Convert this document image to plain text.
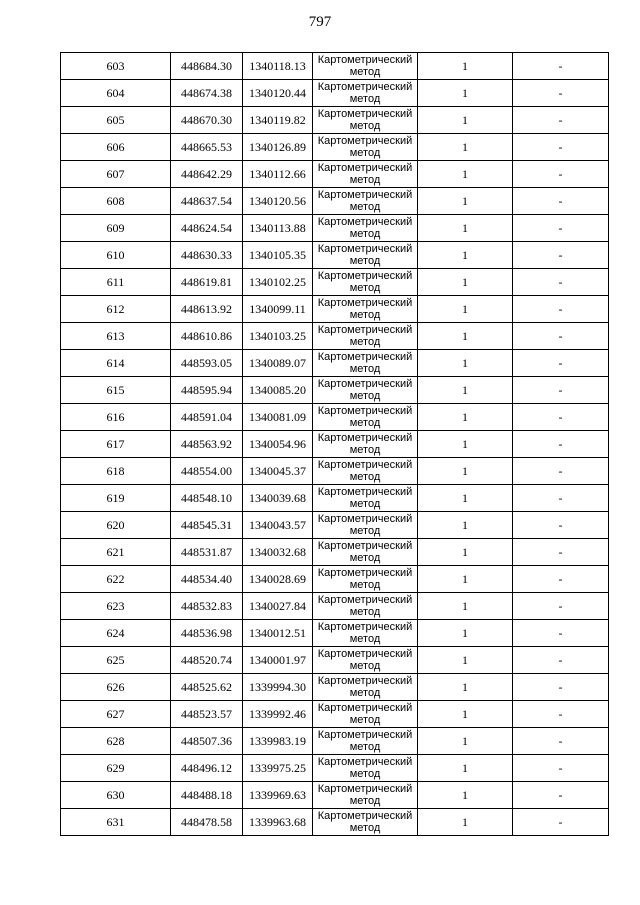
797
603	448684.30	1340118.13	Картометрический
метод	1	-
604	448674.38	1340120.44	Картометрический
метод	1	-
605	448670.30	1340119.82	Картометрический
метод	1	-
606	448665.53	1340126.89	Картометрический
метод	1	-
607	448642.29	1340112.66	Картометрический
метод	1	-
608	448637.54	1340120.56	Картометрический
метод	1	-
609	448624.54	1340113.88	Картометрический
метод	1	-
610	448630.33	1340105.35	Картометрический
метод	1	-
611	448619.81	1340102.25	Картометрический
метод	1	-
612	448613.92	1340099.11	Картометрический
метод	1	-
613	448610.86	1340103.25	Картометрический
метод	1	-
614	448593.05	1340089.07	Картометрический
метод	1	-
615	448595.94	1340085.20	Картометрический
метод	1	-
616	448591.04	1340081.09	Картометрический
метод	1	-
617	448563.92	1340054.96	Картометрический
метод	1	-
618	448554.00	1340045.37	Картометрический
метод	1	-
619	448548.10	1340039.68	Картометрический
метод	1	-
620	448545.31	1340043.57	Картометрический
метод	1	-
621	448531.87	1340032.68	Картометрический
метод	1	-
622	448534.40	1340028.69	Картометрический
метод	1	-
623	448532.83	1340027.84	Картометрический
метод	1	-
624	448536.98	1340012.51	Картометрический
метод	1	-
625	448520.74	1340001.97	Картометрический
метод	1	-
626	448525.62	1339994.30	Картометрический
метод	1	-
627	448523.57	1339992.46	Картометрический
метод	1	-
628	448507.36	1339983.19	Картометрический
метод	1	-
629	448496.12	1339975.25	Картометрический
метод	1	-
630	448488.18	1339969.63	Картометрический
метод	1	-
631	448478.58	1339963.68	Картометрический
метод	1	-
